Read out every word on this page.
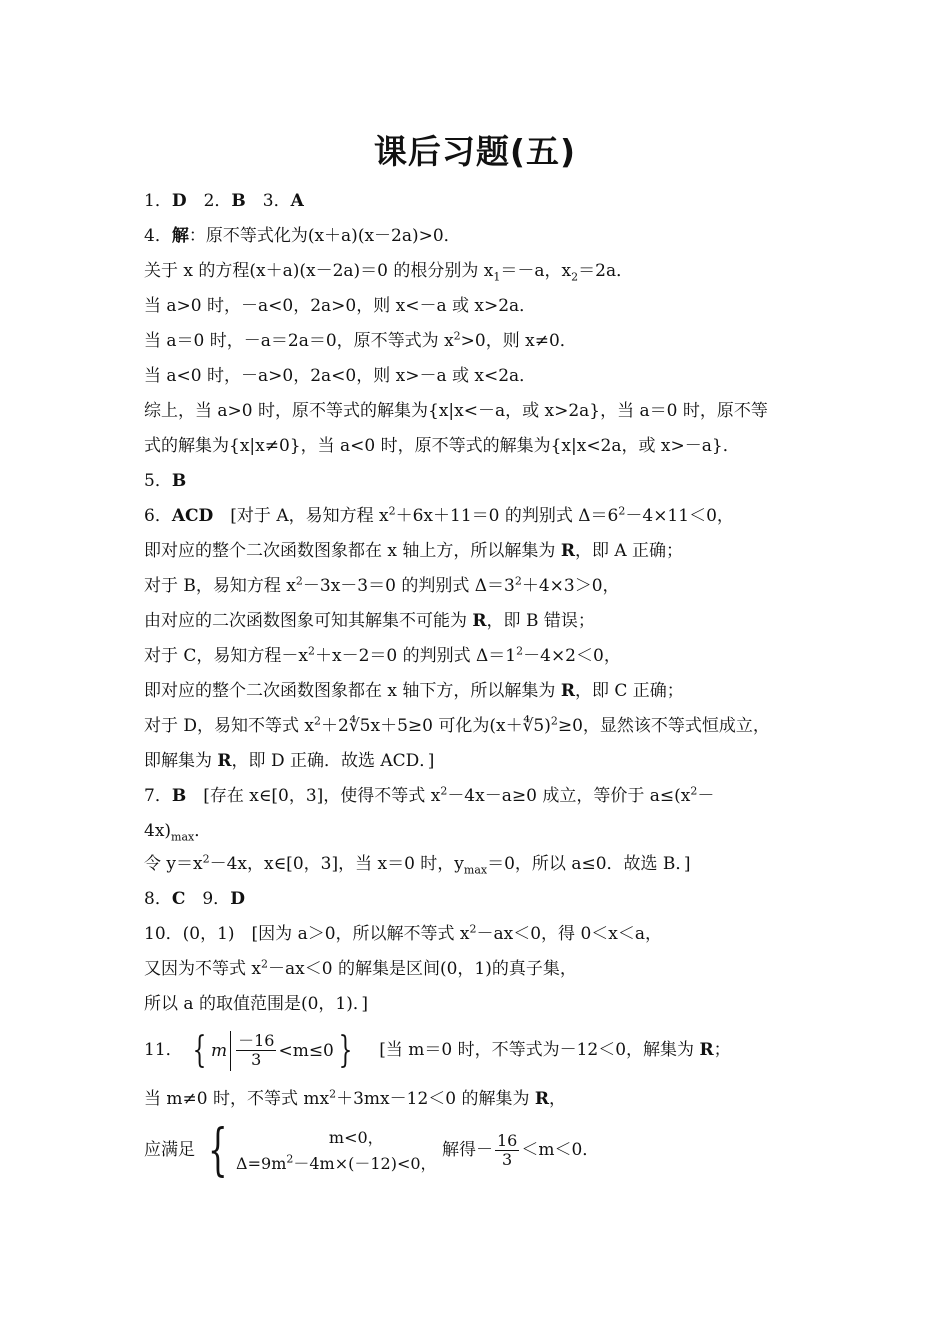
课后习题(五)
1．D　2．B　3．A
4．解：原不等式化为(x＋a)(x－2a)>0．
关于 x 的方程(x＋a)(x－2a)＝0 的根分别为 $x_1=-a$，$x_2=2a$．
当 a>0 时，－a<0，2a>0，则 x<－a 或 x>2a．
当 a＝0 时，－a＝2a＝0，原不等式为 $x^2>0$，则 x≠0．
当 a<0 时，－a>0，2a<0，则 x>－a 或 x<2a．
综上，当 a>0 时，原不等式的解集为{x|x<－a，或 x>2a}，当 a＝0 时，原不等
式的解集为{x|x≠0}，当 a<0 时，原不等式的解集为{x|x<2a，或 x>－a}．
5．B
6．ACD　[对于 A，易知方程 $x^2+6x+11=0$ 的判别式 $\Delta=6^2-4\times 11<0$，
即对应的整个二次函数图象都在 x 轴上方，所以解集为 R，即 A 正确；
对于 B，易知方程 $x^2-3x-3=0$ 的判别式 $\Delta=3^2+4\times 3>0$，
由对应的二次函数图象可知其解集不可能为 R，即 B 错误；
对于 C，易知方程$-x^2+x-2=0$ 的判别式 $\Delta=1^2-4\times 2<0$，
即对应的整个二次函数图象都在 x 轴下方，所以解集为 R，即 C 正确；
对于 D，易知不等式 $x^2+2∜5x+5\ge 0$ 可化为(x＋∜5)$^2$≥0，显然该不等式恒成立，
即解集为 R，即 D 正确．故选 ACD．]
7．B　[存在 x∈[0，3]，使得不等式 $x^2-4x-a\ge 0$ 成立，等价于 $a\le(x^2-$
$4x)_{max}$．
令 $y=x^2-4x$，x∈[0，3]，当 x＝0 时，$y_{max}=0$，所以 a≤0．故选 B．]
8．C　9．D
10．(0，1)　[因为 a＞0，所以解不等式 $x^2-ax<0$，得 0＜x＜a，
又因为不等式 $x^2-ax<0$ 的解集是区间(0，1)的真子集，
所以 a 的取值范围是(0，1)．]
11． { m $\frac{-16}{3} <m\le 0$ } 　[当 m＝0 时，不等式为－12＜0，解集为 R；
当 m≠0 时，不等式 $mx^2+3mx-12<0$ 的解集为 R，
应满足 {	m<0，
$\Delta=9m^2-4m\times(-12)<0$，
解得－ $\frac{16}{3} <m<0$．
